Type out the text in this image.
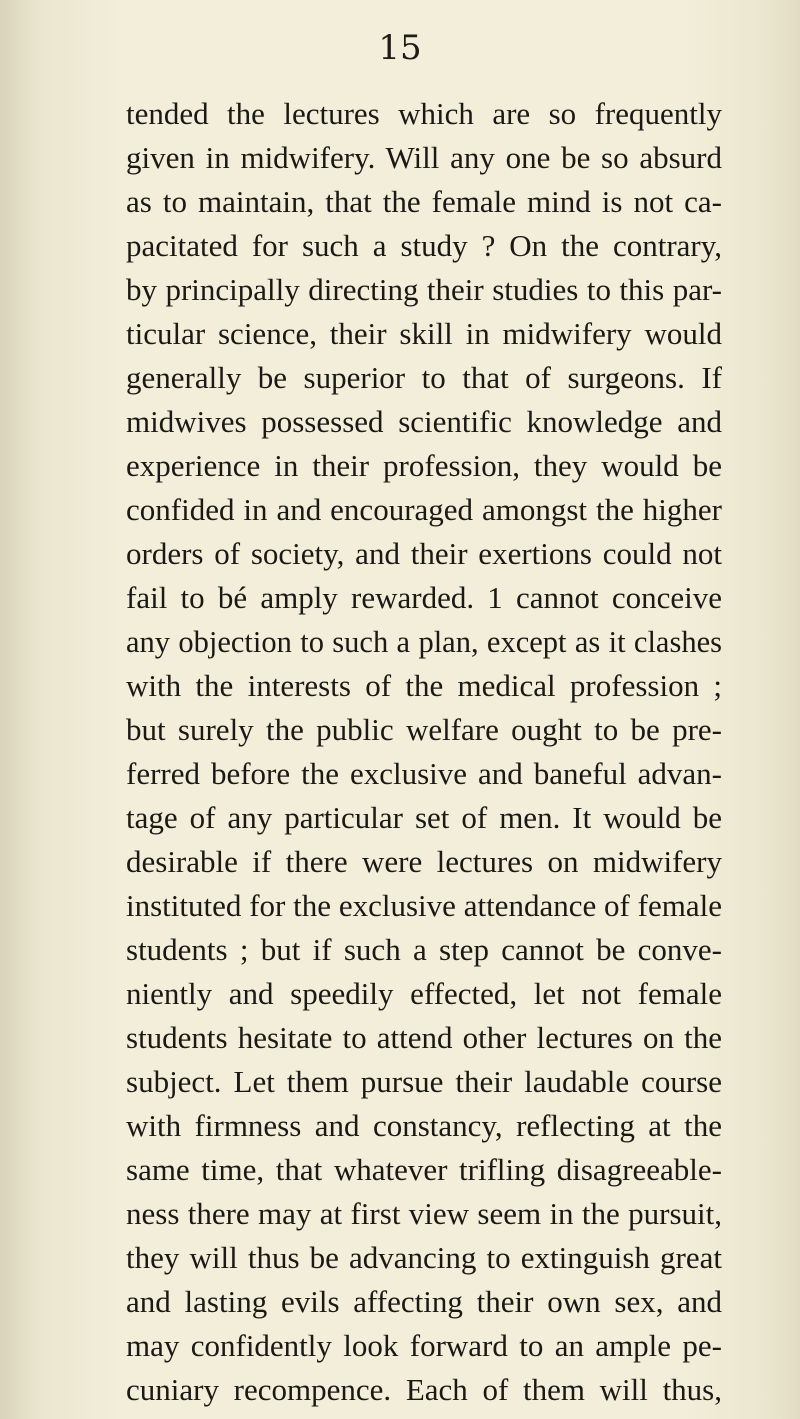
15
tended the lectures which are so frequently
given in midwifery. Will any one be so absurd
as to maintain, that the female mind is not ca-
pacitated for such a study ? On the contrary,
by principally directing their studies to this par-
ticular science, their skill in midwifery would
generally be superior to that of surgeons. If
midwives possessed scientific knowledge and
experience in their profession, they would be
confided in and encouraged amongst the higher
orders of society, and their exertions could not
fail to bé amply rewarded. 1 cannot conceive
any objection to such a plan, except as it clashes
with the interests of the medical profession ;
but surely the public welfare ought to be pre-
ferred before the exclusive and baneful advan-
tage of any particular set of men. It would be
desirable if there were lectures on midwifery
instituted for the exclusive attendance of female
students ; but if such a step cannot be conve-
niently and speedily effected, let not female
students hesitate to attend other lectures on the
subject. Let them pursue their laudable course
with firmness and constancy, reflecting at the
same time, that whatever trifling disagreeable-
ness there may at first view seem in the pursuit,
they will thus be advancing to extinguish great
and lasting evils affecting their own sex, and
may confidently look forward to an ample pe-
cuniary recompence. Each of them will thus,
